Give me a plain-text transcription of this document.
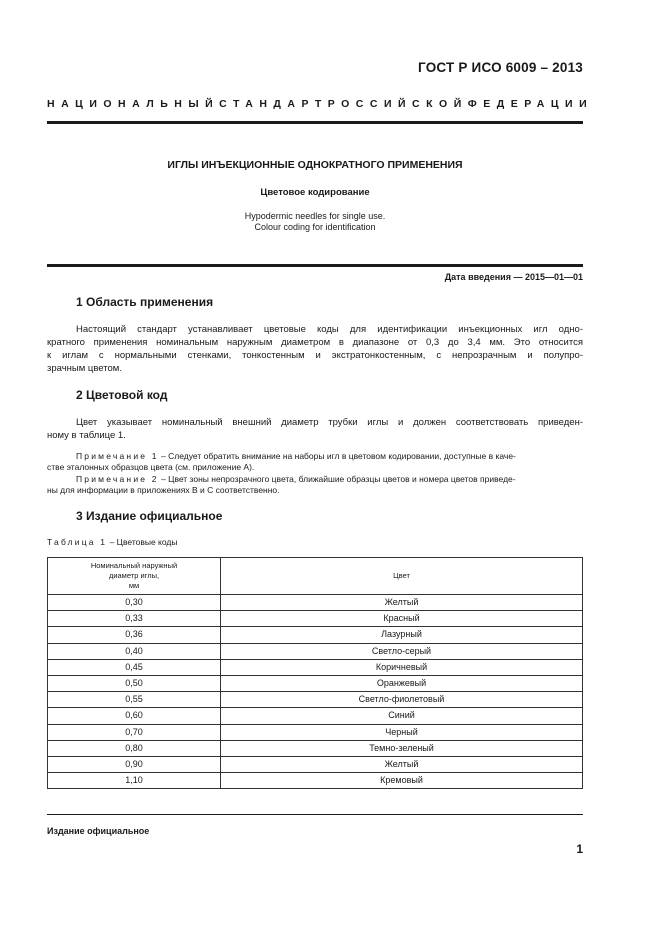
ГОСТ Р ИСО 6009 – 2013
НАЦИОНАЛЬНЫЙ СТАНДАРТ РОССИЙСКОЙ ФЕДЕРАЦИИ
ИГЛЫ ИНЪЕКЦИОННЫЕ ОДНОКРАТНОГО ПРИМЕНЕНИЯ
Цветовое кодирование
Hypodermic needles for single use.
Colour coding for identification
Дата введения — 2015—01—01
1 Область применения
Настоящий стандарт устанавливает цветовые коды для идентификации инъекционных игл одно-
кратного применения номинальным наружным диаметром в диапазоне от 0,3 до 3,4 мм. Это относится
к иглам с нормальными стенками, тонкостенным и экстратонкостенным, с непрозрачным и полупро-
зрачным цветом.
2 Цветовой код
Цвет указывает номинальный внешний диаметр трубки иглы и должен соответствовать приведен-
ному в таблице 1.
Примечание 1 – Следует обратить внимание на наборы игл в цветовом кодировании, доступные в каче-
стве эталонных образцов цвета (см. приложение А).
Примечание 2 – Цвет зоны непрозрачного цвета, ближайшие образцы цветов и номера цветов приведе-
ны для информации в приложениях В и С соответственно.
3 Издание официальное
Таблица 1 – Цветовые коды
Номинальный наружный
диаметр иглы,
мм	Цвет
0,30	Желтый
0,33	Красный
0,36	Лазурный
0,40	Светло-серый
0,45	Коричневый
0,50	Оранжевый
0,55	Светло-фиолетовый
0,60	Синий
0,70	Черный
0,80	Темно-зеленый
0,90	Желтый
1,10	Кремовый
Издание официальное
1
